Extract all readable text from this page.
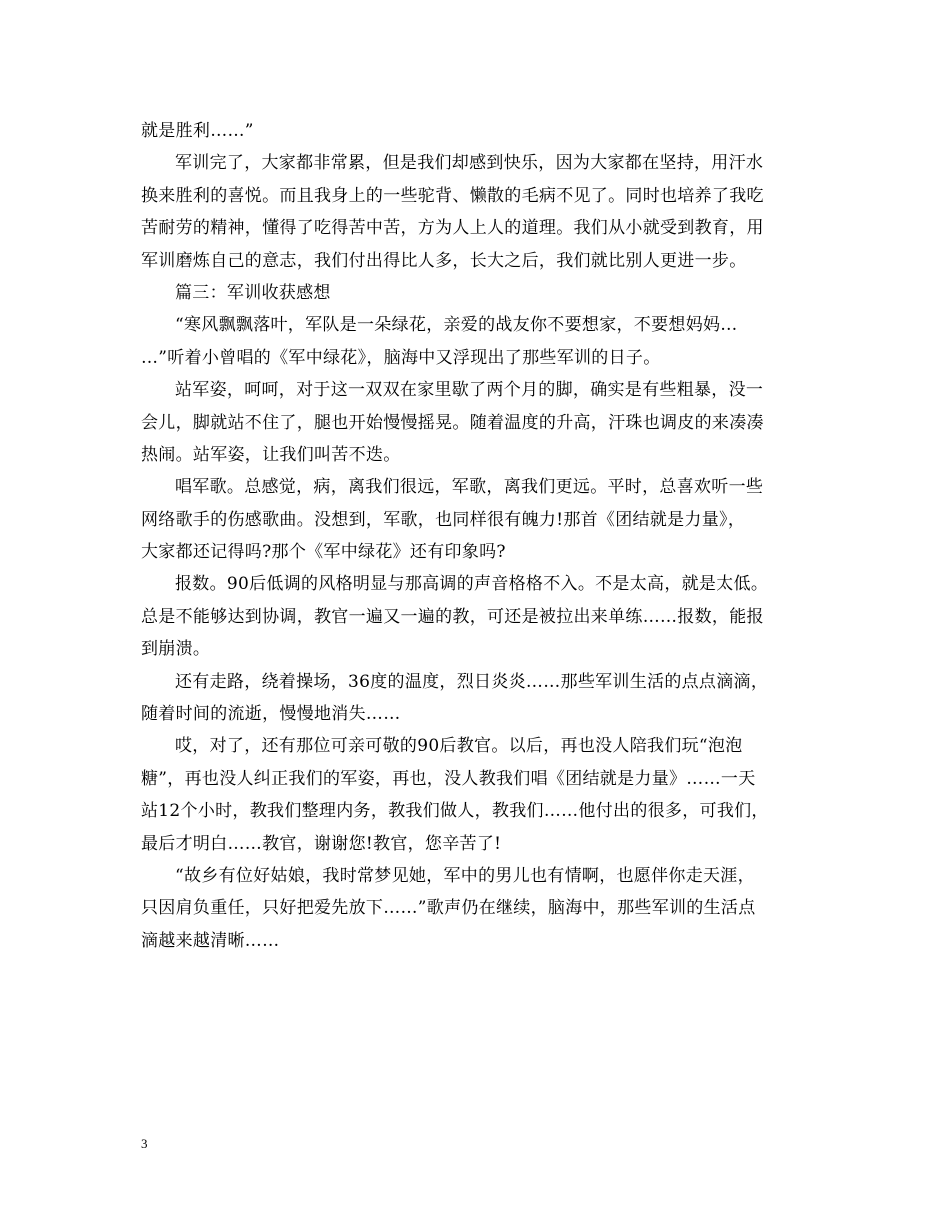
就是胜利……”
军训完了，大家都非常累，但是我们却感到快乐，因为大家都在坚持，用汗水
换来胜利的喜悦。而且我身上的一些驼背、懒散的毛病不见了。同时也培养了我吃
苦耐劳的精神，懂得了吃得苦中苦，方为人上人的道理。我们从小就受到教育，用
军训磨炼自己的意志，我们付出得比人多，长大之后，我们就比别人更进一步。
篇三：军训收获感想
“寒风飘飘落叶，军队是一朵绿花，亲爱的战友你不要想家，不要想妈妈…
…”听着小曾唱的《军中绿花》，脑海中又浮现出了那些军训的日子。
站军姿，呵呵，对于这一双双在家里歇了两个月的脚，确实是有些粗暴，没一
会儿，脚就站不住了，腿也开始慢慢摇晃。随着温度的升高，汗珠也调皮的来凑凑
热闹。站军姿，让我们叫苦不迭。
唱军歌。总感觉，病，离我们很远，军歌，离我们更远。平时，总喜欢听一些
网络歌手的伤感歌曲。没想到，军歌，也同样很有魄力!那首《团结就是力量》，
大家都还记得吗?那个《军中绿花》还有印象吗?
报数。90后低调的风格明显与那高调的声音格格不入。不是太高，就是太低。
总是不能够达到协调，教官一遍又一遍的教，可还是被拉出来单练……报数，能报
到崩溃。
还有走路，绕着操场，36度的温度，烈日炎炎……那些军训生活的点点滴滴，
随着时间的流逝，慢慢地消失……
哎，对了，还有那位可亲可敬的90后教官。以后，再也没人陪我们玩“泡泡
糖”，再也没人纠正我们的军姿，再也，没人教我们唱《团结就是力量》……一天
站12个小时，教我们整理内务，教我们做人，教我们……他付出的很多，可我们，
最后才明白……教官，谢谢您!教官，您辛苦了!
“故乡有位好姑娘，我时常梦见她，军中的男儿也有情啊，也愿伴你走天涯，
只因肩负重任，只好把爱先放下……”歌声仍在继续，脑海中，那些军训的生活点
滴越来越清晰……
3
